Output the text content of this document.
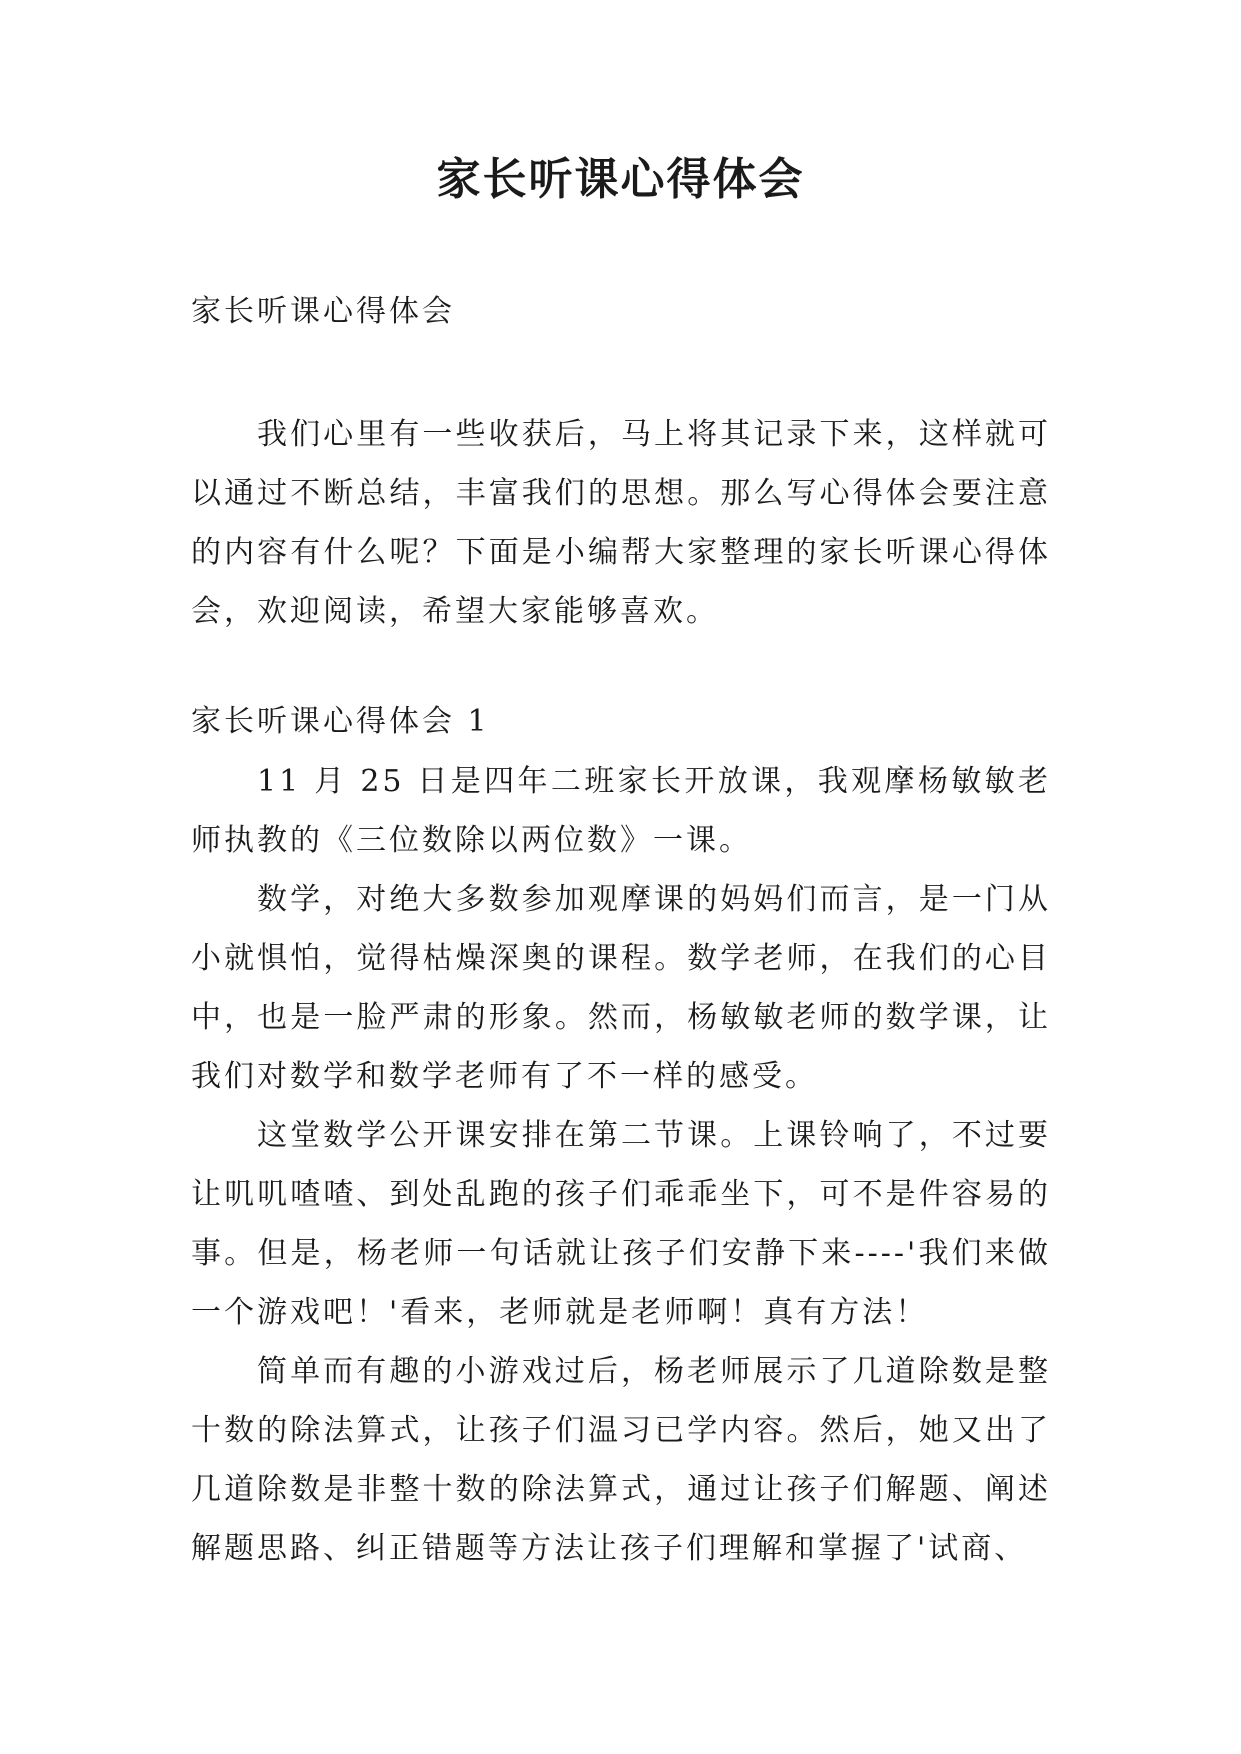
家长听课心得体会
家长听课心得体会

我们心里有一些收获后，马上将其记录下来，这样就可以通过不断总结，丰富我们的思想。那么写心得体会要注意的内容有什么呢？下面是小编帮大家整理的家长听课心得体会，欢迎阅读，希望大家能够喜欢。

家长听课心得体会 1

11 月 25 日是四年二班家长开放课，我观摩杨敏敏老师执教的《三位数除以两位数》一课。

数学，对绝大多数参加观摩课的妈妈们而言，是一门从小就惧怕，觉得枯燥深奥的课程。数学老师，在我们的心目中，也是一脸严肃的形象。然而，杨敏敏老师的数学课，让我们对数学和数学老师有了不一样的感受。

这堂数学公开课安排在第二节课。上课铃响了，不过要让叽叽喳喳、到处乱跑的孩子们乖乖坐下，可不是件容易的事。但是，杨老师一句话就让孩子们安静下来----'我们来做一个游戏吧！'看来，老师就是老师啊！真有方法！

简单而有趣的小游戏过后，杨老师展示了几道除数是整十数的除法算式，让孩子们温习已学内容。然后，她又出了几道除数是非整十数的除法算式，通过让孩子们解题、阐述解题思路、纠正错题等方法让孩子们理解和掌握了'试商、
